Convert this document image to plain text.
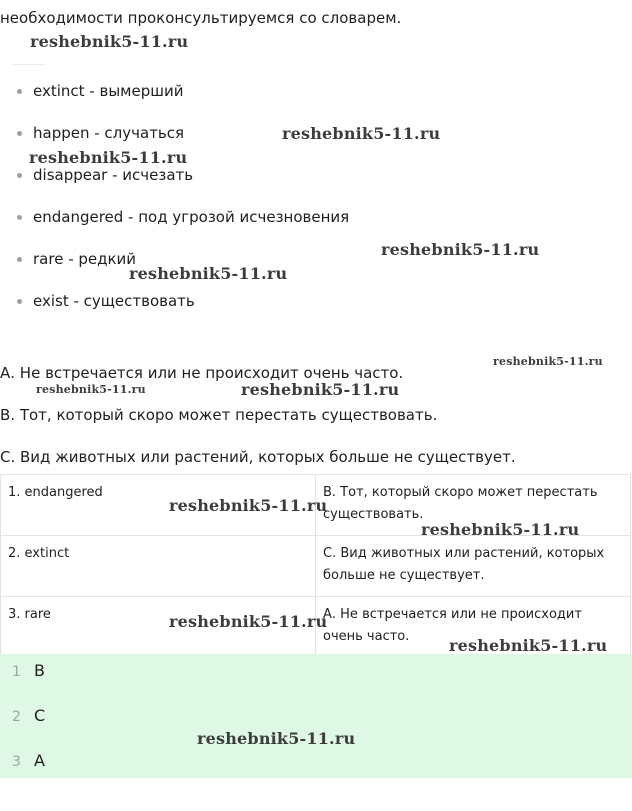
необходимости проконсультируемся со словарем.
extinct - вымерший
happen - случаться
disappear - исчезать
endangered - под угрозой исчезновения
rare - редкий
exist - существовать

А. Не встречается или не происходит очень часто.

В. Тот, который скоро может перестать существовать.

С. Вид животных или растений, которых больше не существует.

1. endangered	В. Тот, который скоро может перестать существовать.
2. extinct	С. Вид животных или растений, которых больше не существует.
3. rare	А. Не встречается или не происходит очень часто.
1 B
2 C
3 A
reshebnik5-11.ru
reshebnik5-11.ru
reshebnik5-11.ru
reshebnik5-11.ru
reshebnik5-11.ru
reshebnik5-11.ru
reshebnik5-11.ru	reshebnik5-11.ru
reshebnik5-11.ru
reshebnik5-11.ru
reshebnik5-11.ru
reshebnik5-11.ru
reshebnik5-11.ru
